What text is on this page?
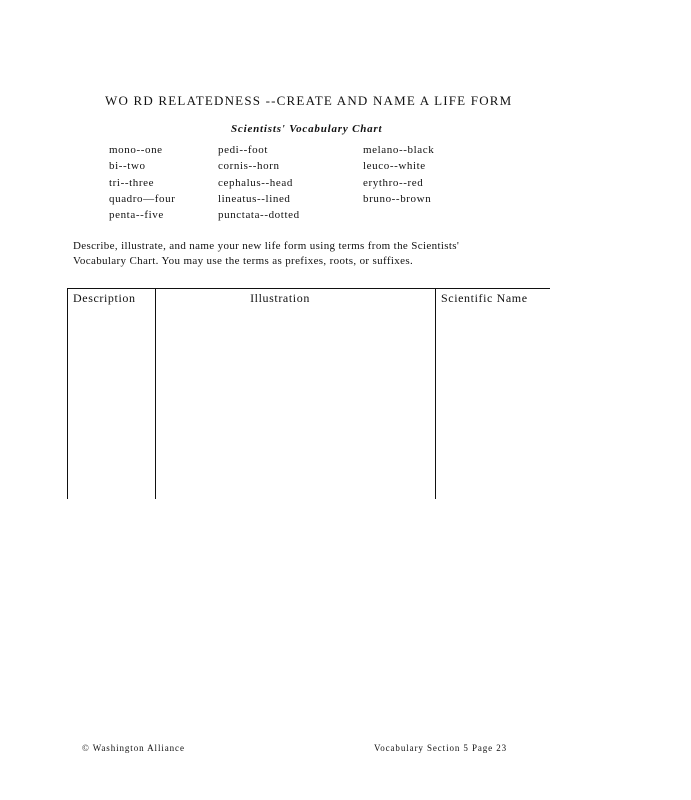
WO RD RELATEDNESS --CREATE AND NAME A LIFE FORM
Scientists' Vocabulary Chart
mono--one
bi--two
tri--three
quadro—four
penta--five
pedi--foot
cornis--horn
cephalus--head
lineatus--lined
punctata--dotted
melano--black
leuco--white
erythro--red
bruno--brown
Describe, illustrate, and name your new life form using terms from the Scientists'
Vocabulary Chart. You may use the terms as prefixes, roots, or suffixes.
Description	Illustration	Scientific Name
© Washington Alliance	Vocabulary Section 5 Page 23
